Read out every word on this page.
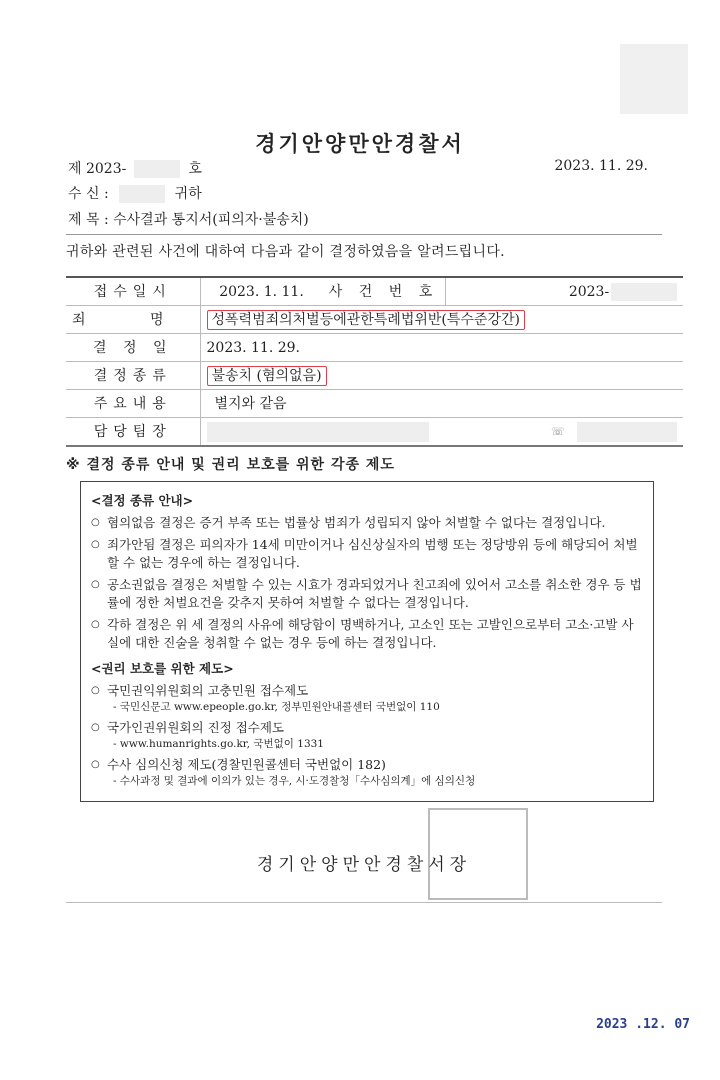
경기안양만안경찰서
제 2023-	호	2023. 11. 29.
수 신 :	귀하
제 목 : 수사결과 통지서(피의자·불송치)
귀하와 관련된 사건에 대하여 다음과 같이 결정하였음을 알려드립니다.
접수일시	2023. 1. 11.	사 건 번 호	2023-
죄 명	성폭력범죄의처벌등에관한특례법위반(특수준강간)		
결 정 일	2023. 11. 29.		
결정종류	불송치 (혐의없음)		
주요내용	별지와 같음		
담당팀장	☏		
※ 결정 종류 안내 및 권리 보호를 위한 각종 제도
<결정 종류 안내>
○ 혐의없음 결정은 증거 부족 또는 법률상 범죄가 성립되지 않아 처벌할 수 없다는 결정입니다.
○ 죄가안됨 결정은 피의자가 14세 미만이거나 심신상실자의 범행 또는 정당방위 등에 해당되어 처벌할 수 없는 경우에 하는 결정입니다.
○ 공소권없음 결정은 처벌할 수 있는 시효가 경과되었거나 친고죄에 있어서 고소를 취소한 경우 등 법률에 정한 처벌요건을 갖추지 못하여 처벌할 수 없다는 결정입니다.
○ 각하 결정은 위 세 결정의 사유에 해당함이 명백하거나, 고소인 또는 고발인으로부터 고소·고발 사실에 대한 진술을 청취할 수 없는 경우 등에 하는 결정입니다.
<권리 보호를 위한 제도>
○ 국민권익위원회의 고충민원 접수제도
- 국민신문고 www.epeople.go.kr, 정부민원안내콜센터 국번없이 110
○ 국가인권위원회의 진정 접수제도
- www.humanrights.go.kr, 국번없이 1331
○ 수사 심의신청 제도(경찰민원콜센터 국번없이 182)
- 수사과정 및 결과에 이의가 있는 경우, 시·도경찰청「수사심의계」에 심의신청
경기안양만안경찰서장
2023 .12. 07
